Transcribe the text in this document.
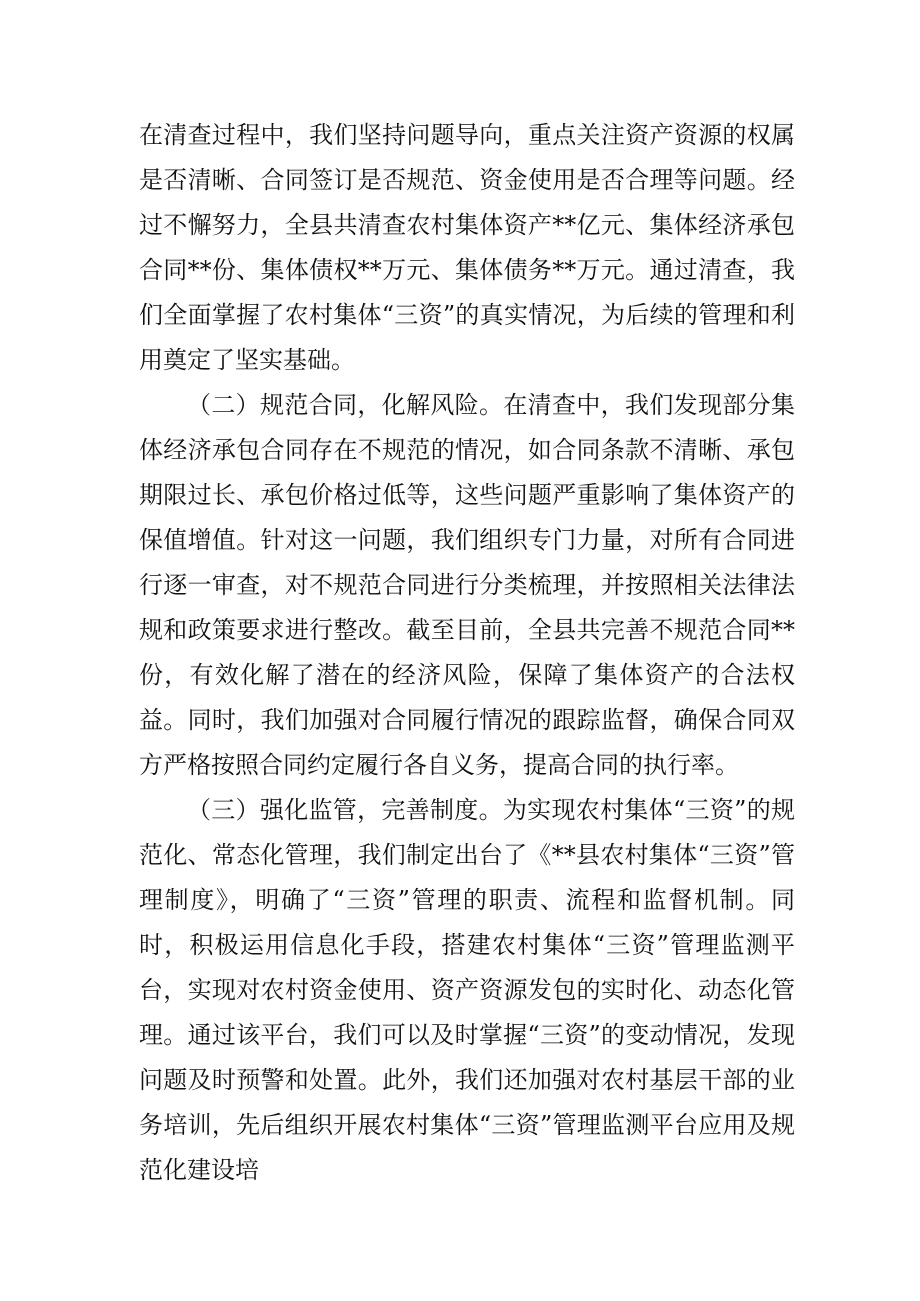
在清查过程中，我们坚持问题导向，重点关注资产资源的权属是否清晰、合同签订是否规范、资金使用是否合理等问题。经过不懈努力，全县共清查农村集体资产**亿元、集体经济承包合同**份、集体债权**万元、集体债务**万元。通过清查，我们全面掌握了农村集体“三资”的真实情况，为后续的管理和利用奠定了坚实基础。

（二）规范合同，化解风险。在清查中，我们发现部分集体经济承包合同存在不规范的情况，如合同条款不清晰、承包期限过长、承包价格过低等，这些问题严重影响了集体资产的保值增值。针对这一问题，我们组织专门力量，对所有合同进行逐一审查，对不规范合同进行分类梳理，并按照相关法律法规和政策要求进行整改。截至目前，全县共完善不规范合同**份，有效化解了潜在的经济风险，保障了集体资产的合法权益。同时，我们加强对合同履行情况的跟踪监督，确保合同双方严格按照合同约定履行各自义务，提高合同的执行率。

（三）强化监管，完善制度。为实现农村集体“三资”的规范化、常态化管理，我们制定出台了《**县农村集体“三资”管理制度》，明确了“三资”管理的职责、流程和监督机制。同时，积极运用信息化手段，搭建农村集体“三资”管理监测平台，实现对农村资金使用、资产资源发包的实时化、动态化管理。通过该平台，我们可以及时掌握“三资”的变动情况，发现问题及时预警和处置。此外，我们还加强对农村基层干部的业务培训，先后组织开展农村集体“三资”管理监测平台应用及规范化建设培
